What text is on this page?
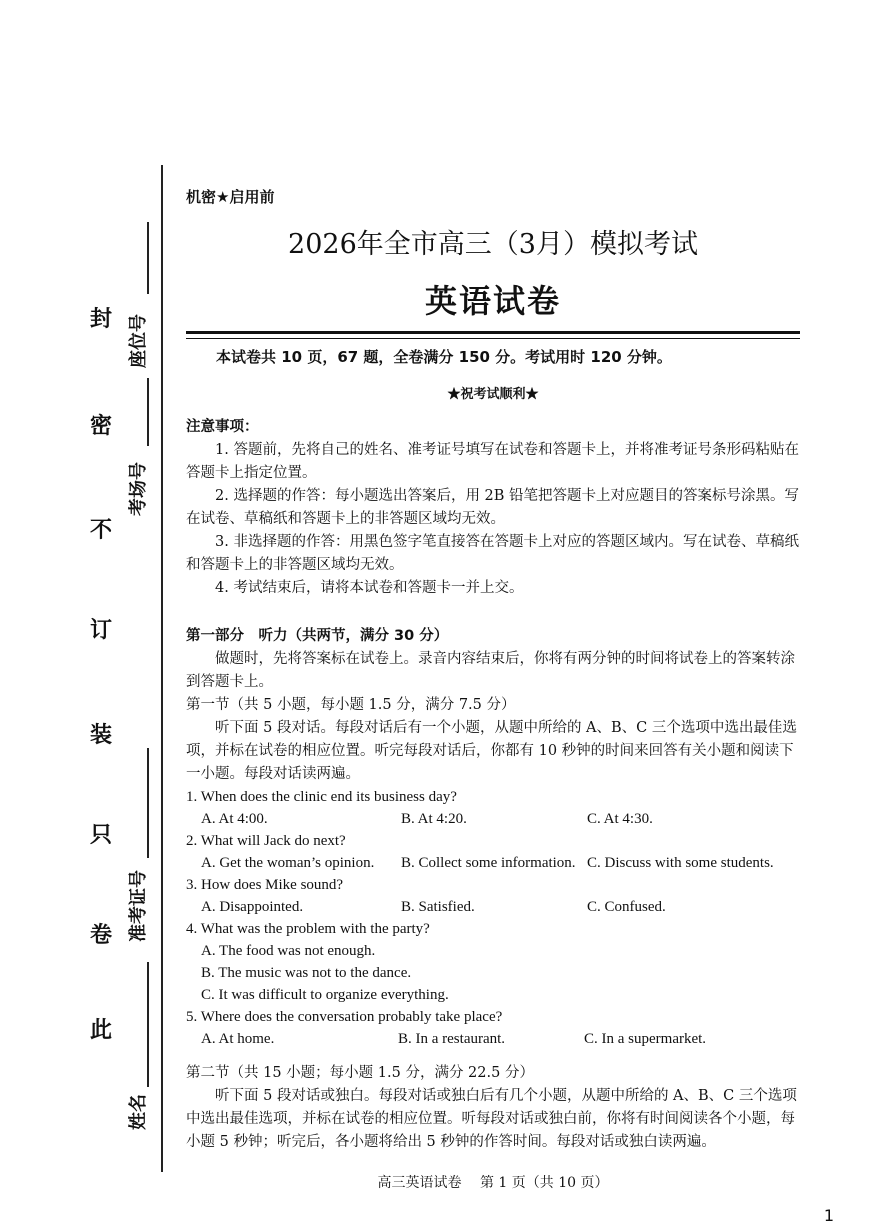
封
密
不
订
装
只
卷
此
座位号
考场号
准考证号
姓名
机密★启用前
2026年全市高三（3月）模拟考试
英语试卷
本试卷共 10 页，67 题，全卷满分 150 分。考试用时 120 分钟。
★祝考试顺利★

注意事项：

1. 答题前，先将自己的姓名、准考证号填写在试卷和答题卡上，并将准考证号条形码粘贴在答题卡上指定位置。

2. 选择题的作答：每小题选出答案后，用 2B 铅笔把答题卡上对应题目的答案标号涂黑。写在试卷、草稿纸和答题卡上的非答题区域均无效。

3. 非选择题的作答：用黑色签字笔直接答在答题卡上对应的答题区域内。写在试卷、草稿纸和答题卡上的非答题区域均无效。

4. 考试结束后，请将本试卷和答题卡一并上交。

第一部分　听力（共两节，满分 30 分）

做题时，先将答案标在试卷上。录音内容结束后，你将有两分钟的时间将试卷上的答案转涂到答题卡上。

第一节（共 5 小题，每小题 1.5 分，满分 7.5 分）

听下面 5 段对话。每段对话后有一个小题，从题中所给的 A、B、C 三个选项中选出最佳选项，并标在试卷的相应位置。听完每段对话后，你都有 10 秒钟的时间来回答有关小题和阅读下一小题。每段对话读两遍。

1. When does the clinic end its business day?
A. At 4:00.	B. At 4:20.	C. At 4:30.
2. What will Jack do next?
A. Get the woman’s opinion.	B. Collect some information. C. Discuss with some students.
3. How does Mike sound?
A. Disappointed.	B. Satisfied.	C. Confused.
4. What was the problem with the party?
A. The food was not enough.
B. The music was not to the dance.
C. It was difficult to organize everything.
5. Where does the conversation probably take place?
A. At home.	B. In a restaurant.	C. In a supermarket.

第二节（共 15 小题；每小题 1.5 分，满分 22.5 分）

听下面 5 段对话或独白。每段对话或独白后有几个小题，从题中所给的 A、B、C 三个选项中选出最佳选项，并标在试卷的相应位置。听每段对话或独白前，你将有时间阅读各个小题，每小题 5 秒钟；听完后，各小题将给出 5 秒钟的作答时间。每段对话或独白读两遍。

高三英语试卷　 第 1 页（共 10 页）
1
